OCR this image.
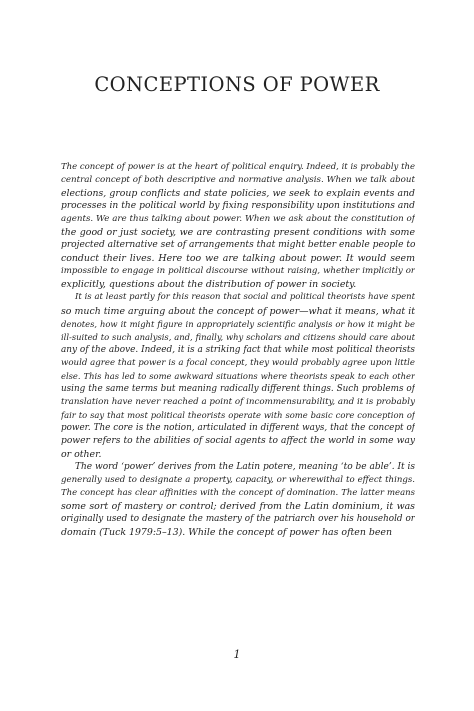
CONCEPTIONS OF POWER
The concept of power is at the heart of political enquiry. Indeed, it is probably the
central concept of both descriptive and normative analysis. When we talk about
elections, group conflicts and state policies, we seek to explain events and
processes in the political world by fixing responsibility upon institutions and
agents. We are thus talking about power. When we ask about the constitution of
the good or just society, we are contrasting present conditions with some
projected alternative set of arrangements that might better enable people to
conduct their lives. Here too we are talking about power. It would seem
impossible to engage in political discourse without raising, whether implicitly or
explicitly, questions about the distribution of power in society.
It is at least partly for this reason that social and political theorists have spent
so much time arguing about the concept of power—what it means, what it
denotes, how it might figure in appropriately scientific analysis or how it might be
ill-suited to such analysis, and, finally, why scholars and citizens should care about
any of the above. Indeed, it is a striking fact that while most political theorists
would agree that power is a focal concept, they would probably agree upon little
else. This has led to some awkward situations where theorists speak to each other
using the same terms but meaning radically different things. Such problems of
translation have never reached a point of incommensurability, and it is probably
fair to say that most political theorists operate with some basic core conception of
power. The core is the notion, articulated in different ways, that the concept of
power refers to the abilities of social agents to affect the world in some way
or other.
The word ‘power’ derives from the Latin potere, meaning ‘to be able’. It is
generally used to designate a property, capacity, or wherewithal to effect things.
The concept has clear affinities with the concept of domination. The latter means
some sort of mastery or control; derived from the Latin dominium, it was
originally used to designate the mastery of the patriarch over his household or
domain (Tuck 1979:5–13). While the concept of power has often been
1
